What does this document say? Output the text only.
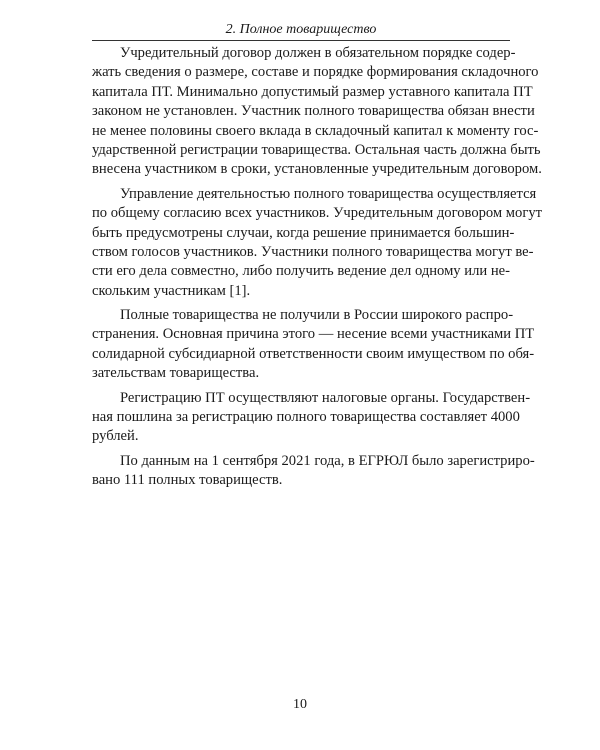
2. Полное товарищество
Учредительный договор должен в обязательном порядке содер-
жать сведения о размере, составе и порядке формирования складочного
капитала ПТ. Минимально допустимый размер уставного капитала ПТ
законом не установлен. Участник полного товарищества обязан внести
не менее половины своего вклада в складочный капитал к моменту гос-
ударственной регистрации товарищества. Остальная часть должна быть
внесена участником в сроки, установленные учредительным договором.
Управление деятельностью полного товарищества осуществляется
по общему согласию всех участников. Учредительным договором могут
быть предусмотрены случаи, когда решение принимается большин-
ством голосов участников. Участники полного товарищества могут ве-
сти его дела совместно, либо получить ведение дел одному или не-
скольким участникам [1].
Полные товарищества не получили в России широкого распро-
странения. Основная причина этого — несение всеми участниками ПТ
солидарной субсидиарной ответственности своим имуществом по обя-
зательствам товарищества.
Регистрацию ПТ осуществляют налоговые органы. Государствен-
ная пошлина за регистрацию полного товарищества составляет 4000
рублей.
По данным на 1 сентября 2021 года, в ЕГРЮЛ было зарегистриро-
вано 111 полных товариществ.
10
